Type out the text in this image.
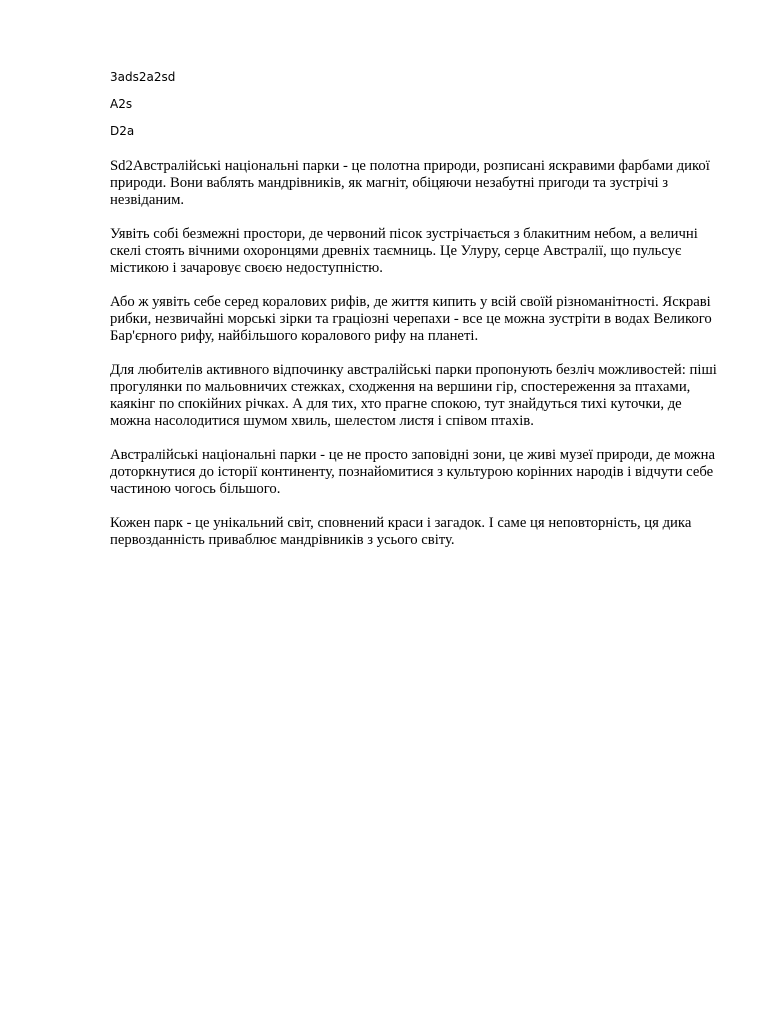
3ads2a2sd
A2s
D2a

Sd2Австралійські національні парки - це полотна природи, розписані яскравими фарбами дикої природи. Вони ваблять мандрівників, як магніт, обіцяючи незабутні пригоди та зустрічі з незвіданим.

Уявіть собі безмежні простори, де червоний пісок зустрічається з блакитним небом, а величні скелі стоять вічними охоронцями древніх таємниць. Це Улуру, серце Австралії, що пульсує містикою і зачаровує своєю недоступністю.

Або ж уявіть себе серед коралових рифів, де життя кипить у всій своїй різноманітності. Яскраві рибки, незвичайні морські зірки та граціозні черепахи - все це можна зустріти в водах Великого Бар'єрного рифу, найбільшого коралового рифу на планеті.

Для любителів активного відпочинку австралійські парки пропонують безліч можливостей: піші прогулянки по мальовничих стежках, сходження на вершини гір, спостереження за птахами, каякінг по спокійних річках. А для тих, хто прагне спокою, тут знайдуться тихі куточки, де можна насолодитися шумом хвиль, шелестом листя і співом птахів.

Австралійські національні парки - це не просто заповідні зони, це живі музеї природи, де можна доторкнутися до історії континенту, познайомитися з культурою корінних народів і відчути себе частиною чогось більшого.

Кожен парк - це унікальний світ, сповнений краси і загадок. І саме ця неповторність, ця дика первозданність приваблює мандрівників з усього світу.
